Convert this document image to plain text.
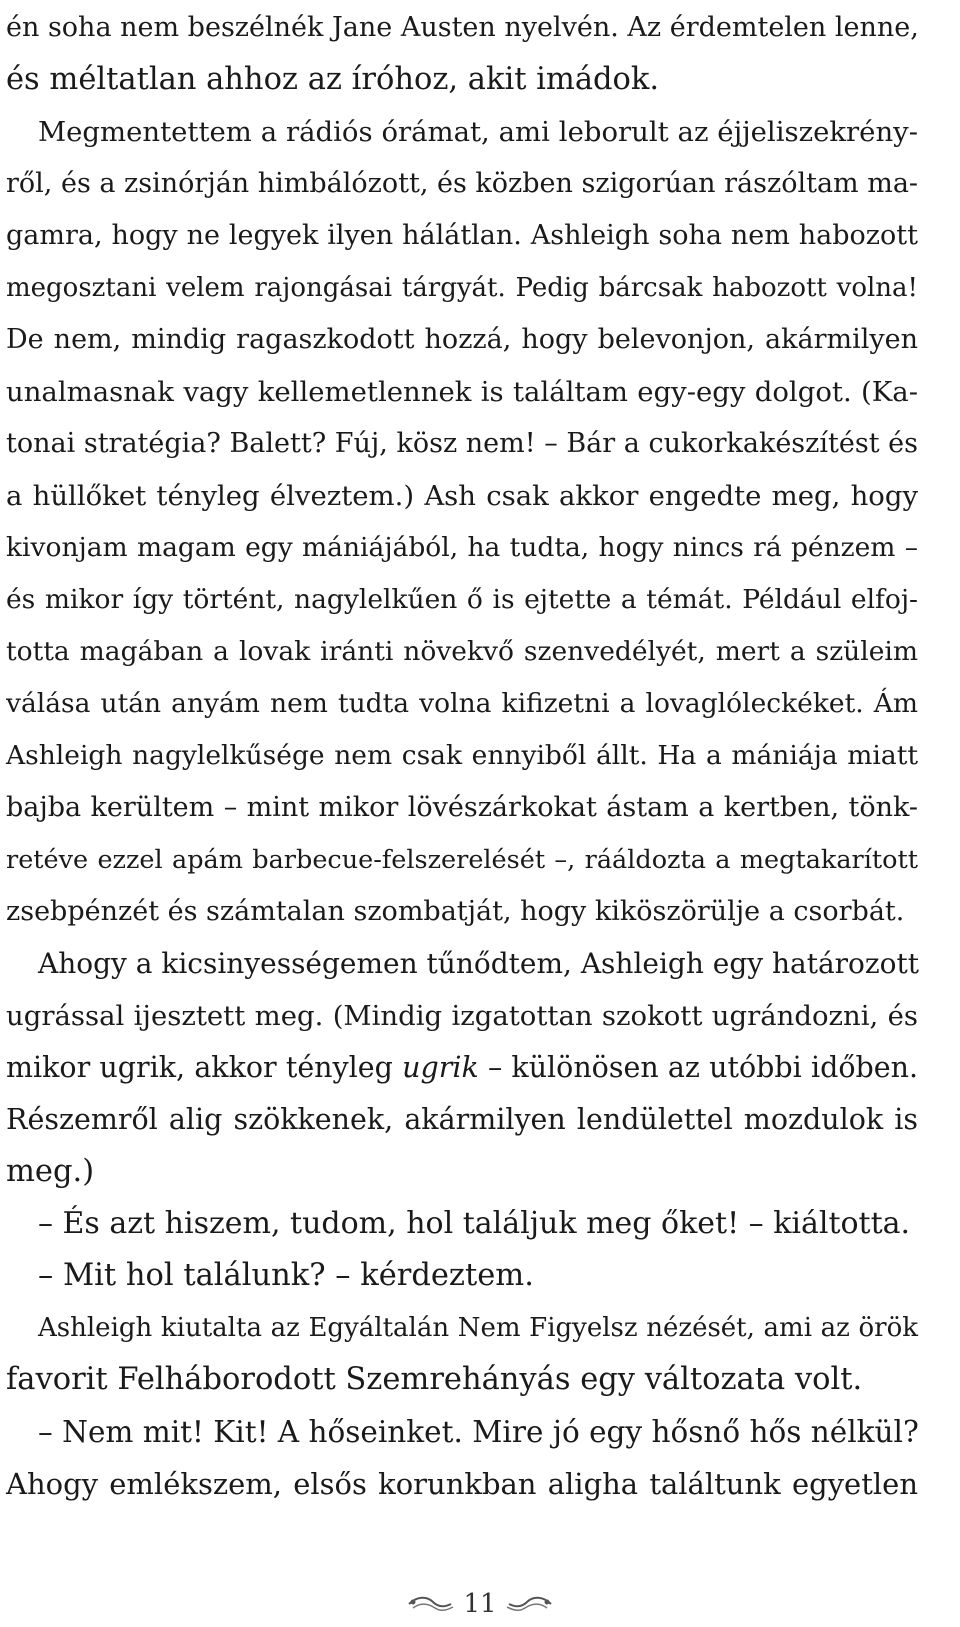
én soha nem beszélnék Jane Austen nyelvén. Az érdemtelen lenne,
és méltatlan ahhoz az íróhoz, akit imádok.
Megmentettem a rádiós órámat, ami leborult az éjjeliszekrény-
ről, és a zsinórján himbálózott, és közben szigorúan rászóltam ma-
gamra, hogy ne legyek ilyen hálátlan. Ashleigh soha nem habozott
megosztani velem rajongásai tárgyát. Pedig bárcsak habozott volna!
De nem, mindig ragaszkodott hozzá, hogy belevonjon, akármilyen
unalmasnak vagy kellemetlennek is találtam egy-egy dolgot. (Ka-
tonai stratégia? Balett? Fúj, kösz nem! – Bár a cukorkakészítést és
a hüllőket tényleg élveztem.) Ash csak akkor engedte meg, hogy
kivonjam magam egy mániájából, ha tudta, hogy nincs rá pénzem –
és mikor így történt, nagylelkűen ő is ejtette a témát. Például elfoj-
totta magában a lovak iránti növekvő szenvedélyét, mert a szüleim
válása után anyám nem tudta volna kifizetni a lovaglóleckéket. Ám
Ashleigh nagylelkűsége nem csak ennyiből állt. Ha a mániája miatt
bajba kerültem – mint mikor lövészárkokat ástam a kertben, tönk-
retéve ezzel apám barbecue-felszerelését –, rááldozta a megtakarított
zsebpénzét és számtalan szombatját, hogy kiköszörülje a csorbát.
Ahogy a kicsinyességemen tűnődtem, Ashleigh egy határozott
ugrással ijesztett meg. (Mindig izgatottan szokott ugrándozni, és
mikor ugrik, akkor tényleg ugrik – különösen az utóbbi időben.
Részemről alig szökkenek, akármilyen lendülettel mozdulok is
meg.)
– És azt hiszem, tudom, hol találjuk meg őket! – kiáltotta.
– Mit hol találunk? – kérdeztem.
Ashleigh kiutalta az Egyáltalán Nem Figyelsz nézését, ami az örök
favorit Felháborodott Szemrehányás egy változata volt.
– Nem mit! Kit! A hőseinket. Mire jó egy hősnő hős nélkül?
Ahogy emlékszem, elsős korunkban aligha találtunk egyetlen
11
